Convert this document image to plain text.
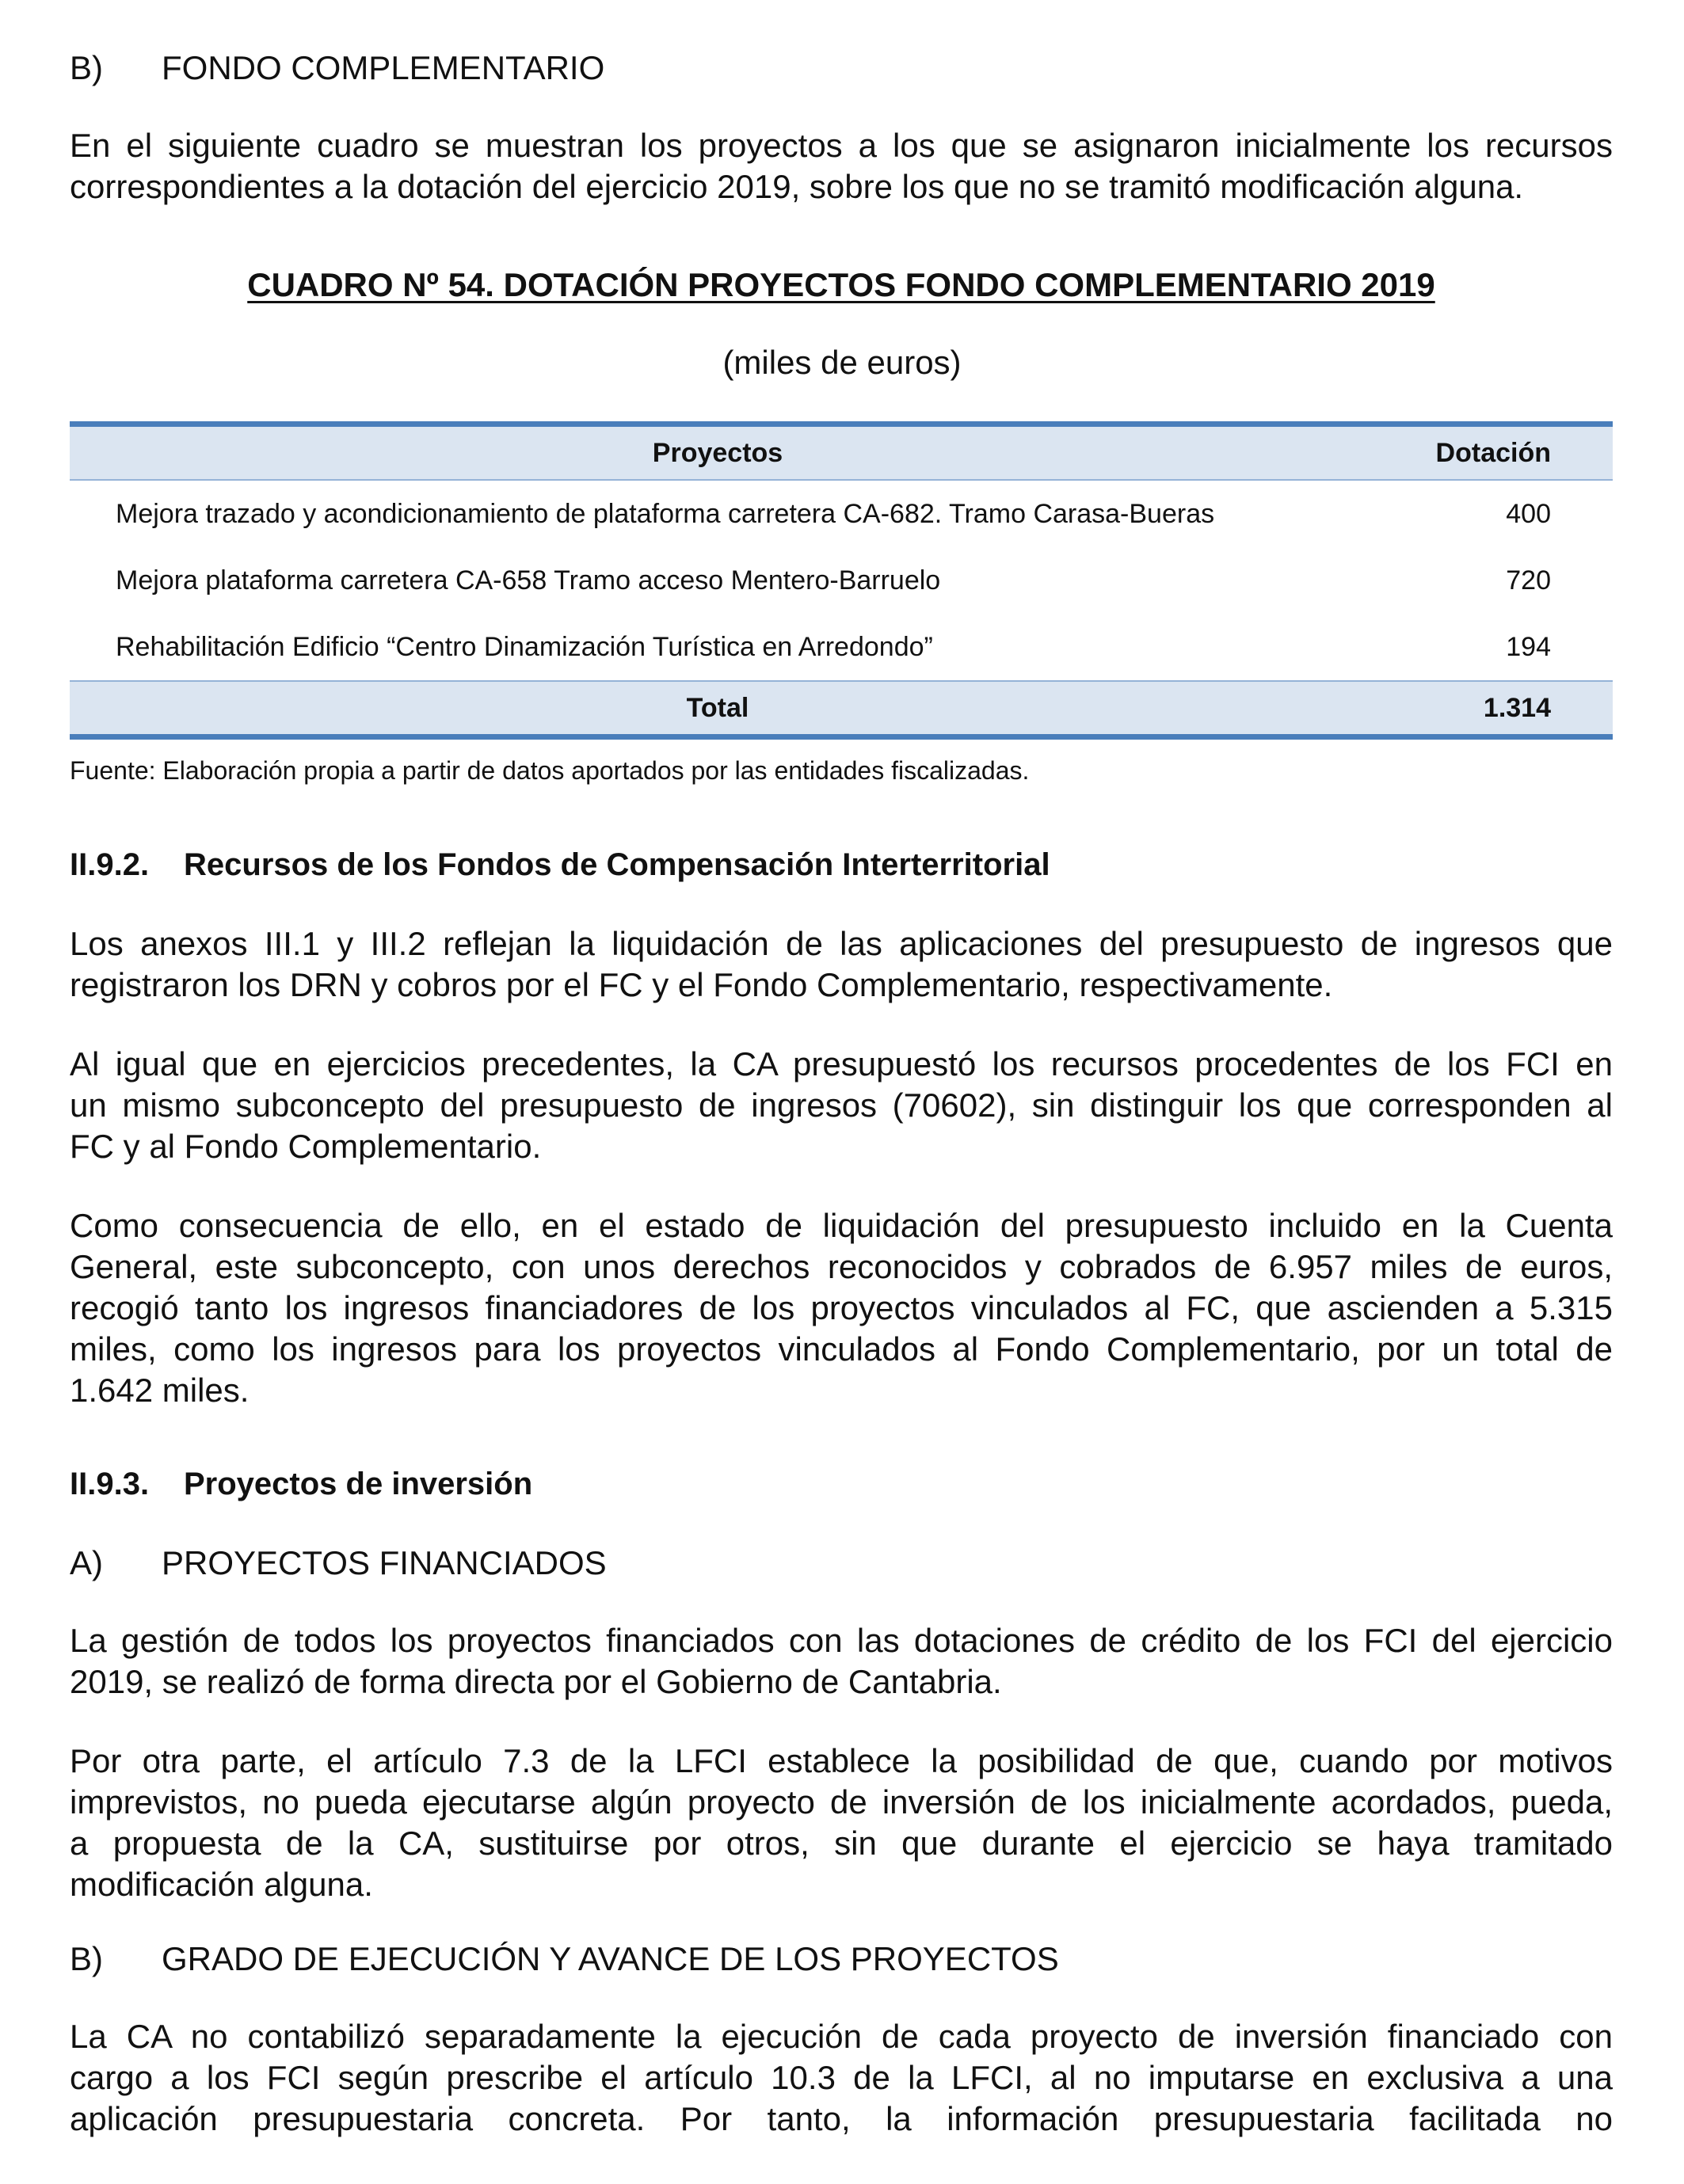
B)	FONDO COMPLEMENTARIO
En el siguiente cuadro se muestran los proyectos a los que se asignaron inicialmente los recursos
correspondientes a la dotación del ejercicio 2019, sobre los que no se tramitó modificación alguna.
CUADRO Nº 54. DOTACIÓN PROYECTOS FONDO COMPLEMENTARIO 2019
(miles de euros)
Proyectos	Dotación
Mejora trazado y acondicionamiento de plataforma carretera CA-682. Tramo Carasa-Bueras	400
Mejora plataforma carretera CA-658 Tramo acceso Mentero-Barruelo	720
Rehabilitación Edificio “Centro Dinamización Turística en Arredondo”	194
Total	1.314
Fuente: Elaboración propia a partir de datos aportados por las entidades fiscalizadas.
II.9.2. Recursos de los Fondos de Compensación Interterritorial
Los anexos III.1 y III.2 reflejan la liquidación de las aplicaciones del presupuesto de ingresos que
registraron los DRN y cobros por el FC y el Fondo Complementario, respectivamente.
Al igual que en ejercicios precedentes, la CA presupuestó los recursos procedentes de los FCI en
un mismo subconcepto del presupuesto de ingresos (70602), sin distinguir los que corresponden al
FC y al Fondo Complementario.
Como consecuencia de ello, en el estado de liquidación del presupuesto incluido en la Cuenta
General, este subconcepto, con unos derechos reconocidos y cobrados de 6.957 miles de euros,
recogió tanto los ingresos financiadores de los proyectos vinculados al FC, que ascienden a 5.315
miles, como los ingresos para los proyectos vinculados al Fondo Complementario, por un total de
1.642 miles.
II.9.3. Proyectos de inversión
A)	PROYECTOS FINANCIADOS
La gestión de todos los proyectos financiados con las dotaciones de crédito de los FCI del ejercicio
2019, se realizó de forma directa por el Gobierno de Cantabria.
Por otra parte, el artículo 7.3 de la LFCI establece la posibilidad de que, cuando por motivos
imprevistos, no pueda ejecutarse algún proyecto de inversión de los inicialmente acordados, pueda,
a propuesta de la CA, sustituirse por otros, sin que durante el ejercicio se haya tramitado
modificación alguna.
B)	GRADO DE EJECUCIÓN Y AVANCE DE LOS PROYECTOS
La CA no contabilizó separadamente la ejecución de cada proyecto de inversión financiado con
cargo a los FCI según prescribe el artículo 10.3 de la LFCI, al no imputarse en exclusiva a una
aplicación presupuestaria concreta. Por tanto, la información presupuestaria facilitada no
